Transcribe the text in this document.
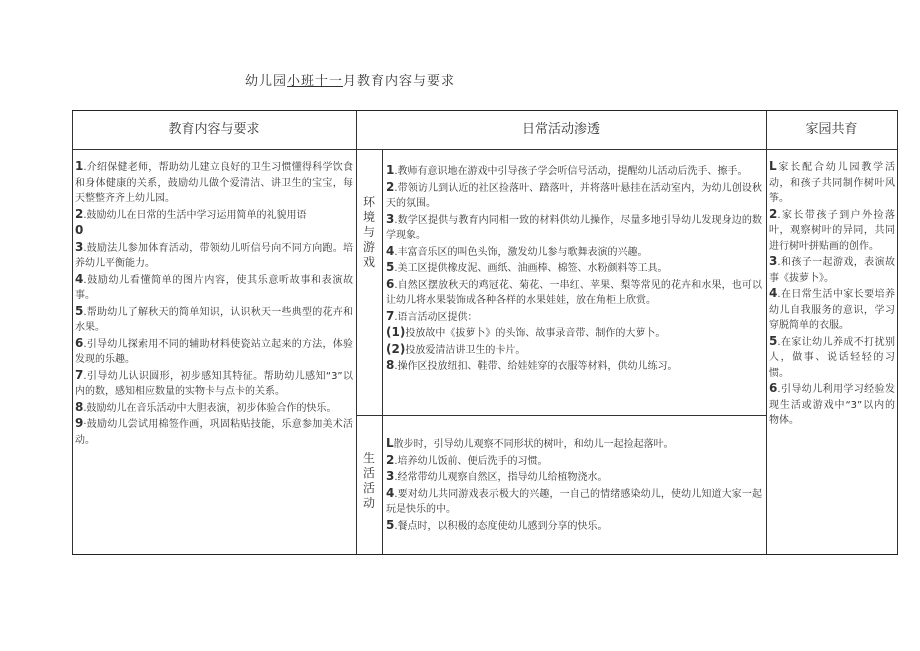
幼儿园小班十一月教育内容与要求
教育内容与要求	日常活动渗透	家园共育

1.介绍保健老师，帮助幼儿建立良好的卫生习惯懂得科学饮食和身体健康的关系，鼓励幼儿做个爱清洁、讲卫生的宝宝，每天整整齐齐上幼儿园。

2.鼓励幼儿在日常的生活中学习运用简单的礼貌用语

0

3.鼓励法儿参加体育活动，带领幼儿听信号向不同方向跑。培养幼儿平衡能力。

4.鼓励幼儿看懂简单的图片内容，使其乐意听故事和表演故事。

5.帮助幼儿了解秋天的简单知识，认识秋天一些典型的花卉和水果。

6.引导幼儿探索用不同的辅助材料使瓷站立起来的方法，体验发现的乐趣。

7.引导幼儿认识圆形，初步感知其特征。帮助幼儿感知“3”以内的数，感知相应数量的实物卡与点卡的关系。

8.鼓励幼儿在音乐活动中大胆表演，初步体验合作的快乐。

9·鼓励幼儿尝试用棉签作画，巩固粘贴技能，乐意参加美术活动。

环
境
与
游
戏

1.教师有意识地在游戏中引导孩子学会听信号活动，提醒幼儿活动后洗手、擦手。

2.带领访儿到认近的社区捡落叶、踏落叶，并将落叶悬挂在活动室内，为幼儿创设秋天的氛围。

3.数学区提供与教育内同相一致的材料供幼儿操作，尽量多地引导幼儿发现身边的数学现象。

4.丰富音乐区的叫色头饰，激发幼儿参与歌舞表演的兴趣。

5.美工区提供橡皮泥、画纸、油画棒、棉签、水粉颜料等工具。

6.自然区摆放秋天的鸡冠花、菊花、一串红、苹果、梨等常见的花卉和水果，也可以让幼儿将水果装饰成各种各样的水果娃娃，放在角柜上欣赏。

7.语言活动区提供：

(1)投放故中《拔萝卜》的头饰、故事录音带、制作的大萝卜。

(2)投放爱清洁讲卫生的卡片。

8.操作区投放纽扣、鞋带、给娃娃穿的衣服等材料，供幼儿练习。

生
活
活
动

L散步时，引导幼儿观察不同形状的树叶，和幼儿一起捡起落叶。

2.培养幼儿饭前、便后洗手的习惯。

3.经常带幼儿观察自然区，指导幼儿给植物浇水。

4.要对幼儿共同游戏表示极大的兴趣，一自己的情绪感染幼儿，使幼儿知道大家一起玩是快乐的中。

5.餐点时，以积极的态度使幼儿感到分享的快乐。

L家长配合幼儿园教学活动，和孩子共同制作树叶风筝。

2.家长带孩子到户外捡落叶，观察树叶的异同，共同进行树叶拼贴画的创作。

3.和孩子一起游戏，表演故事《拔萝卜》。

4.在日常生活中家长要培养幼儿自我服务的意识，学习穿脱简单的衣服。

5.在家让幼儿养成不打扰别人，做事、说话轻轻的习惯。

6.引导幼儿利用学习经验发现生活或游戏中“3”以内的物体。
